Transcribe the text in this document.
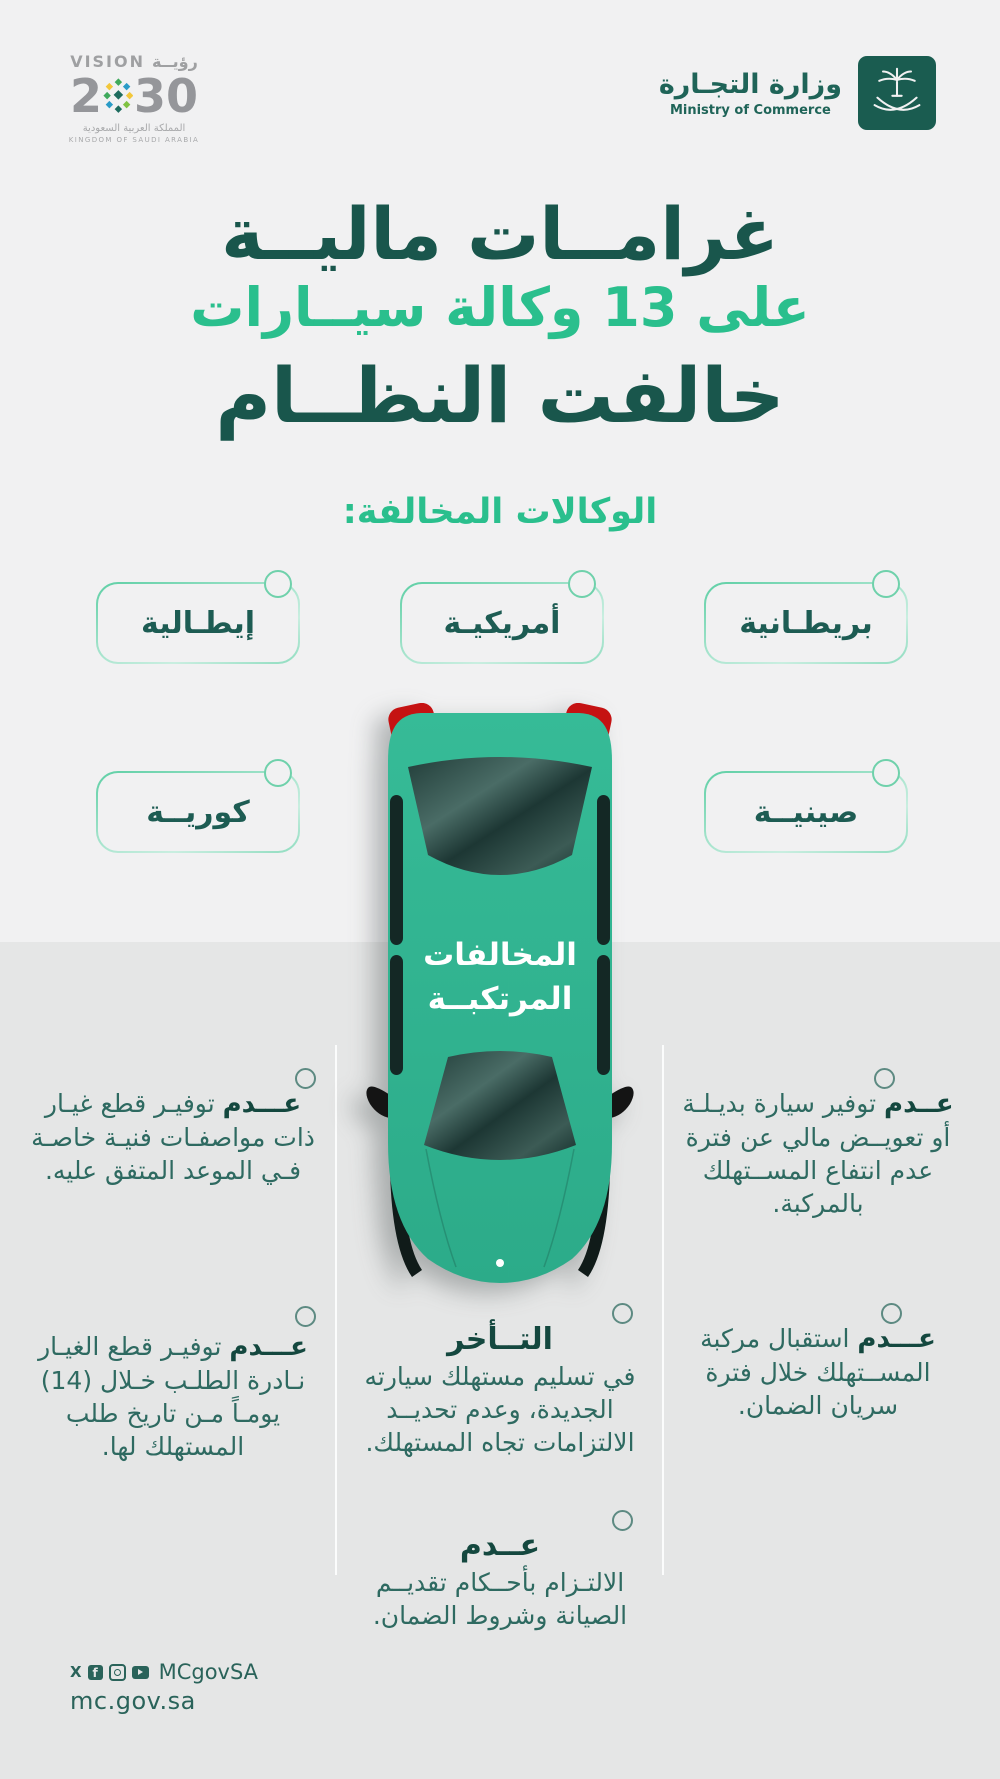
VISION رؤيــة
2 30
المملكة العربية السعودية
KINGDOM OF SAUDI ARABIA
وزارة التجـارة
Ministry of Commerce
غرامــات ماليــة
على 13 وكالة سيــارات
خالفت النظــام
الوكالات المخالفة:
بريطـانية
أمريكيـة
إيطـالية
صينيــة
كوريــة
المخالفات
المرتكبــة
عــدم توفير سيارة بديـلـة أو تعويــض مالي عن فترة عدم انتفاع المســتهلك بالمركبة.
عـــدم استقبال مركبة المســتهلك خلال فترة سريان الضمان.
عـــدم توفيـر قطع غيـار ذات مواصفـات فنيـة خاصـة فـي الموعد المتفق عليه.
عـــدم توفيـر قطع الغيـار نـادرة الطلـب خـلال (14) يومـاً مـن تاريخ طلب المستهلك لها.
التــأخر
في تسليم مستهلك سيارته الجديدة، وعدم تحديــد الالتزامات تجاه المستهلك.
عــدم
الالتـزام بأحــكام تقديــم الصيانة وشروط الضمان.
X f	MCgovSA
mc.gov.sa
